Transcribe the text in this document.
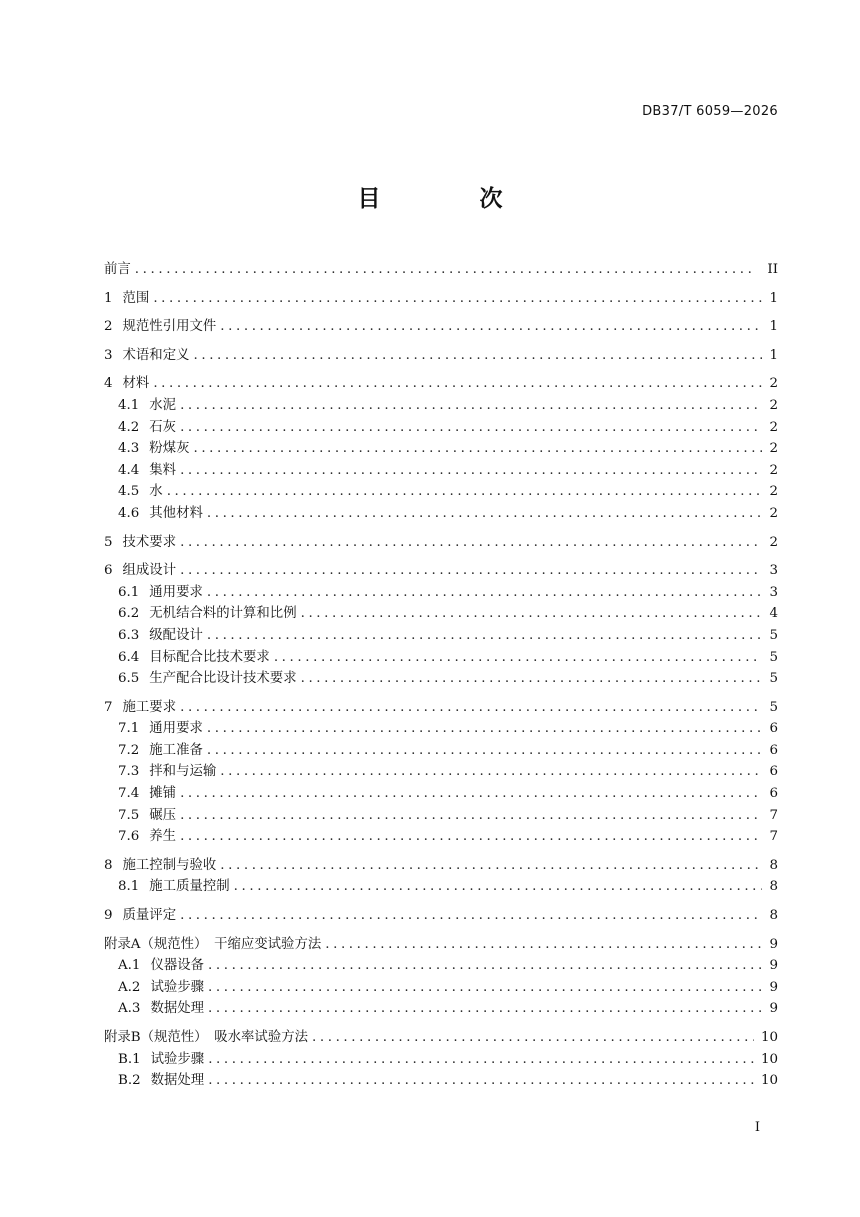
DB37/T 6059—2026
目　次
前言 .....	II
1 范围 .....	1
2 规范性引用文件 .....	1
3 术语和定义 .....	1
4 材料 .....	2
4.1 水泥 .....	2
4.2 石灰 .....	2
4.3 粉煤灰 .....	2
4.4 集料 .....	2
4.5 水 .....	2
4.6 其他材料 .....	2
5 技术要求 .....	2
6 组成设计 .....	3
6.1 通用要求 .....	3
6.2 无机结合料的计算和比例 .....	4
6.3 级配设计 .....	5
6.4 目标配合比技术要求 .....	5
6.5 生产配合比设计技术要求 .....	5
7 施工要求 .....	5
7.1 通用要求 .....	6
7.2 施工准备 .....	6
7.3 拌和与运输 .....	6
7.4 摊铺 .....	6
7.5 碾压 .....	7
7.6 养生 .....	7
8 施工控制与验收 .....	8
8.1 施工质量控制 .....	8
9 质量评定 .....	8
附录A（规范性）　干缩应变试验方法 .....	9
A.1 仪器设备 .....	9
A.2 试验步骤 .....	9
A.3 数据处理 .....	9
附录B（规范性）　吸水率试验方法 .....	10
B.1 试验步骤 .....	10
B.2 数据处理 .....	10
I
